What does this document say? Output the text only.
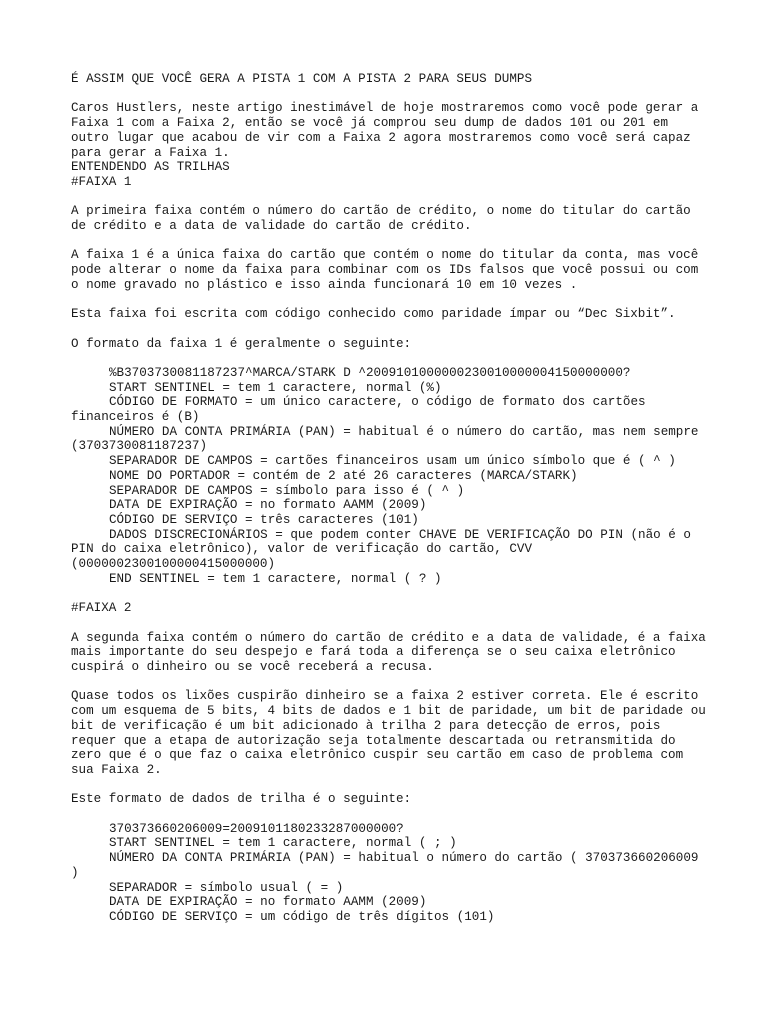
É ASSIM QUE VOCÊ GERA A PISTA 1 COM A PISTA 2 PARA SEUS DUMPS
Caros Hustlers, neste artigo inestimável de hoje mostraremos como você pode gerar a Faixa 1 com a Faixa 2, então se você já comprou seu dump de dados 101 ou 201 em outro lugar que acabou de vir com a Faixa 2 agora mostraremos como você será capaz para gerar a Faixa 1.
ENTENDENDO AS TRILHAS
#FAIXA 1
A primeira faixa contém o número do cartão de crédito, o nome do titular do cartão de crédito e a data de validade do cartão de crédito.
A faixa 1 é a única faixa do cartão que contém o nome do titular da conta, mas você pode alterar o nome da faixa para combinar com os IDs falsos que você possui ou com o nome gravado no plástico e isso ainda funcionará 10 em 10 vezes .
Esta faixa foi escrita com código conhecido como paridade ímpar ou “Dec Sixbit”.
O formato da faixa 1 é geralmente o seguinte:
%B3703730081187237^MARCA/STARK D ^2009101000000230010000004150000000?
START SENTINEL = tem 1 caractere, normal (%)
CÓDIGO DE FORMATO = um único caractere, o código de formato dos cartões financeiros é (B)
NÚMERO DA CONTA PRIMÁRIA (PAN) = habitual é o número do cartão, mas nem sempre (3703730081187237)
SEPARADOR DE CAMPOS = cartões financeiros usam um único símbolo que é ( ^ )
NOME DO PORTADOR = contém de 2 até 26 caracteres (MARCA/STARK)
SEPARADOR DE CAMPOS = símbolo para isso é ( ^ )
DATA DE EXPIRAÇÃO = no formato AAMM (2009)
CÓDIGO DE SERVIÇO = três caracteres (101)
DADOS DISCRECIONÁRIOS = que podem conter CHAVE DE VERIFICAÇÃO DO PIN (não é o PIN do caixa eletrônico), valor de verificação do cartão, CVV (0000002300100000415000000)
END SENTINEL = tem 1 caractere, normal ( ? )
#FAIXA 2
A segunda faixa contém o número do cartão de crédito e a data de validade, é a faixa mais importante do seu despejo e fará toda a diferença se o seu caixa eletrônico cuspirá o dinheiro ou se você receberá a recusa.
Quase todos os lixões cuspirão dinheiro se a faixa 2 estiver correta. Ele é escrito com um esquema de 5 bits, 4 bits de dados e 1 bit de paridade, um bit de paridade ou bit de verificação é um bit adicionado à trilha 2 para detecção de erros, pois requer que a etapa de autorização seja totalmente descartada ou retransmitida do zero que é o que faz o caixa eletrônico cuspir seu cartão em caso de problema com sua Faixa 2.
Este formato de dados de trilha é o seguinte:
370373660206009=2009101180233287000000?
START SENTINEL = tem 1 caractere, normal ( ; )
NÚMERO DA CONTA PRIMÁRIA (PAN) = habitual o número do cartão ( 370373660206009 )
SEPARADOR = símbolo usual ( = )
DATA DE EXPIRAÇÃO = no formato AAMM (2009)
CÓDIGO DE SERVIÇO = um código de três dígitos (101)
